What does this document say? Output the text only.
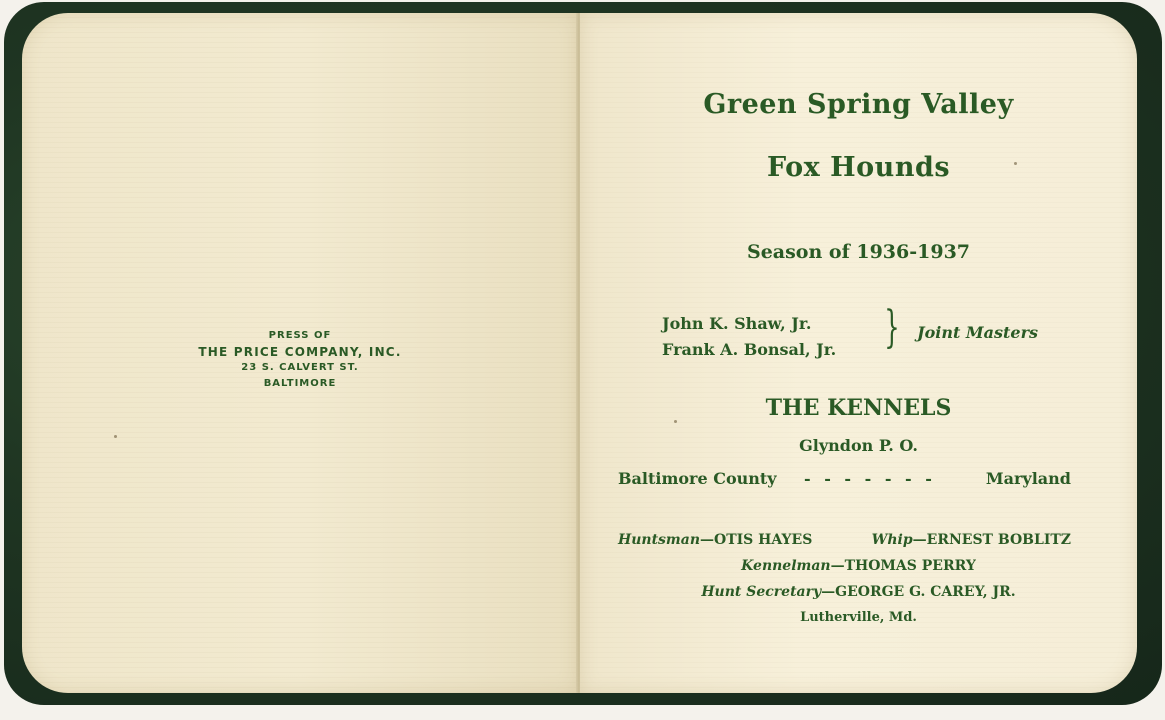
PRESS OF
THE PRICE COMPANY, INC.
23 S. CALVERT ST.
BALTIMORE
Green Spring Valley
Fox Hounds
Season of 1936-1937
John K. Shaw, Jr.
Frank A. Bonsal, Jr. } Joint Masters
THE KENNELS
Glyndon P. O.
Baltimore County - - - - - - -	Maryland
Huntsman—OTIS HAYES	Whip—ERNEST BOBLITZ
Kennelman—THOMAS PERRY
Hunt Secretary—GEORGE G. CAREY, JR.
Lutherville, Md.
